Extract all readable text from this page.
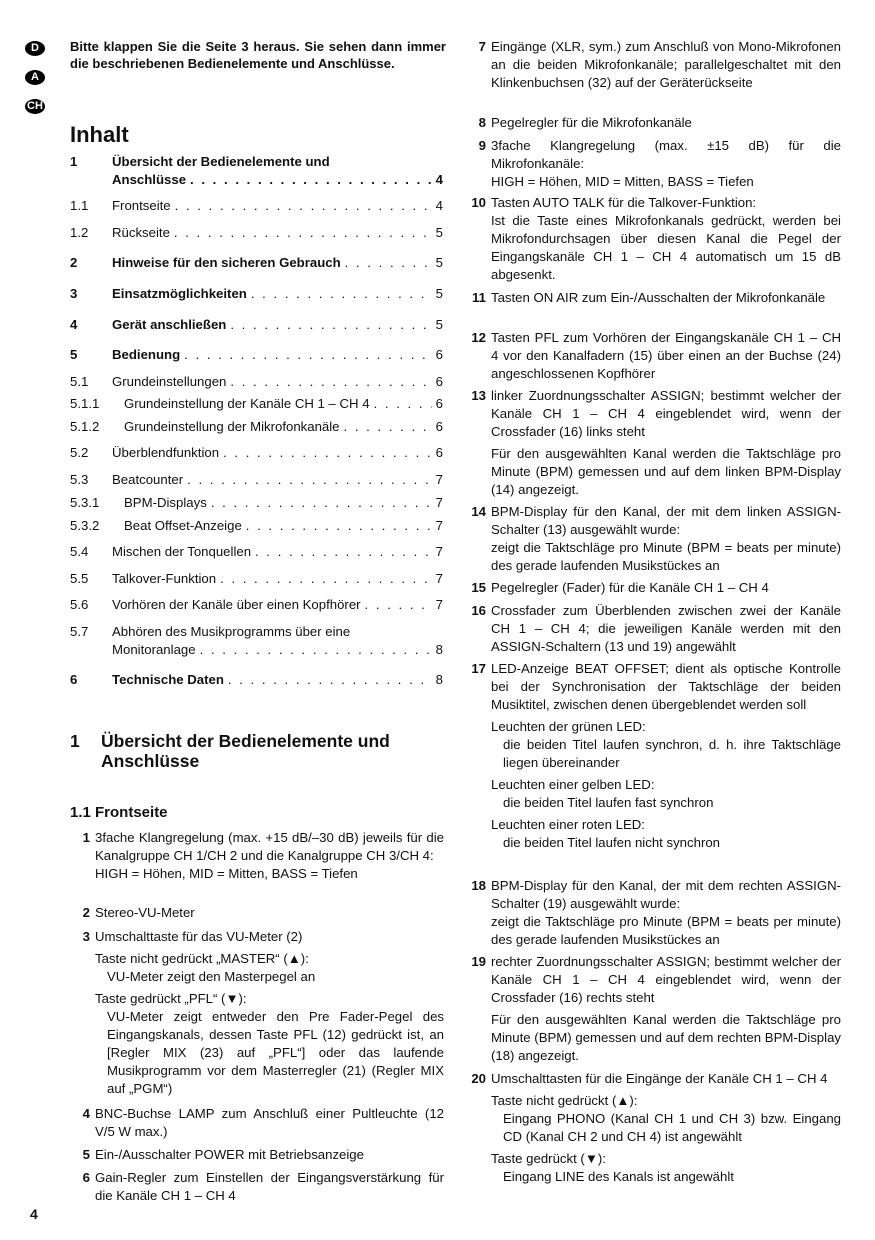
D
A
CH
Bitte klappen Sie die Seite 3 heraus. Sie sehen dann immer die beschriebenen Bedienelemente und Anschlüsse.
Inhalt
1	Übersicht der Bedienelemente und
Anschlüsse . . .	4
1.1 Frontseite . . .	4
1.2 Rückseite . . .	5
2	Hinweise für den sicheren Gebrauch . . .	5
3	Einsatzmöglichkeiten . . .	5
4	Gerät anschließen . . .	5
5	Bedienung . . .	6
5.1 Grundeinstellungen . . .	6
5.1.1 Grundeinstellung der Kanäle CH 1 – CH 4 . . .	6
5.1.2 Grundeinstellung der Mikrofonkanäle . . .	6
5.2 Überblendfunktion . . .	6
5.3 Beatcounter . . .	7
5.3.1 BPM-Displays . . .	7
5.3.2 Beat Offset-Anzeige . . .	7
5.4 Mischen der Tonquellen . . .	7
5.5 Talkover-Funktion . . .	7
5.6 Vorhören der Kanäle über einen Kopfhörer . . .	7
5.7 Abhören des Musikprogramms über eine
Monitoranlage . . .	8
6	Technische Daten . . .	8
1 Übersicht der Bedienelemente und Anschlüsse
1.1 Frontseite
1 3fache Klangregelung (max. +15 dB/–30 dB) jeweils für die Kanalgruppe CH 1/CH 2 und die Kanalgruppe CH 3/CH 4:

HIGH = Höhen, MID = Mitten, BASS = Tiefen

2 Stereo-VU-Meter

3 Umschalttaste für das VU-Meter (2)

Taste nicht gedrückt „MASTER“ (▲):

VU-Meter zeigt den Masterpegel an

Taste gedrückt „PFL“ (▼):

VU-Meter zeigt entweder den Pre Fader-Pegel des Eingangskanals, dessen Taste PFL (12) gedrückt ist, an [Regler MIX (23) auf „PFL“] oder das laufende Musikprogramm vor dem Masterregler (21) (Regler MIX auf „PGM“)

4 BNC-Buchse LAMP zum Anschluß einer Pultleuchte (12 V/5 W max.)

5 Ein-/Ausschalter POWER mit Betriebsanzeige

6 Gain-Regler zum Einstellen der Eingangsverstärkung für die Kanäle CH 1 – CH 4

7 Eingänge (XLR, sym.) zum Anschluß von Mono-Mikrofonen an die beiden Mikrofonkanäle; parallelgeschaltet mit den Klinkenbuchsen (32) auf der Geräterückseite

8 Pegelregler für die Mikrofonkanäle

9 3fache Klangregelung (max. ±15 dB) für die Mikrofonkanäle:

HIGH = Höhen, MID = Mitten, BASS = Tiefen

10 Tasten AUTO TALK für die Talkover-Funktion:

Ist die Taste eines Mikrofonkanals gedrückt, werden bei Mikrofondurchsagen über diesen Kanal die Pegel der Eingangskanäle CH 1 – CH 4 automatisch um 15 dB abgesenkt.

11 Tasten ON AIR zum Ein-/Ausschalten der Mikrofonkanäle

12 Tasten PFL zum Vorhören der Eingangskanäle CH 1 – CH 4 vor den Kanalfadern (15) über einen an der Buchse (24) angeschlossenen Kopfhörer

13 linker Zuordnungsschalter ASSIGN; bestimmt welcher der Kanäle CH 1 – CH 4 eingeblendet wird, wenn der Crossfader (16) links steht

Für den ausgewählten Kanal werden die Taktschläge pro Minute (BPM) gemessen und auf dem linken BPM-Display (14) angezeigt.

14 BPM-Display für den Kanal, der mit dem linken ASSIGN-Schalter (13) ausgewählt wurde:

zeigt die Taktschläge pro Minute (BPM = beats per minute) des gerade laufenden Musikstückes an

15 Pegelregler (Fader) für die Kanäle CH 1 – CH 4

16 Crossfader zum Überblenden zwischen zwei der Kanäle CH 1 – CH 4; die jeweiligen Kanäle werden mit den ASSIGN-Schaltern (13 und 19) angewählt

17 LED-Anzeige BEAT OFFSET; dient als optische Kontrolle bei der Synchronisation der Taktschläge der beiden Musiktitel, zwischen denen übergeblendet werden soll

Leuchten der grünen LED:

die beiden Titel laufen synchron, d. h. ihre Taktschläge liegen übereinander

Leuchten einer gelben LED:

die beiden Titel laufen fast synchron

Leuchten einer roten LED:

die beiden Titel laufen nicht synchron

18 BPM-Display für den Kanal, der mit dem rechten ASSIGN-Schalter (19) ausgewählt wurde:

zeigt die Taktschläge pro Minute (BPM = beats per minute) des gerade laufenden Musikstückes an

19 rechter Zuordnungsschalter ASSIGN; bestimmt welcher der Kanäle CH 1 – CH 4 eingeblendet wird, wenn der Crossfader (16) rechts steht

Für den ausgewählten Kanal werden die Taktschläge pro Minute (BPM) gemessen und auf dem rechten BPM-Display (18) angezeigt.

20 Umschalttasten für die Eingänge der Kanäle CH 1 – CH 4

Taste nicht gedrückt (▲):

Eingang PHONO (Kanal CH 1 und CH 3) bzw. Eingang CD (Kanal CH 2 und CH 4) ist angewählt

Taste gedrückt (▼):

Eingang LINE des Kanals ist angewählt

4
